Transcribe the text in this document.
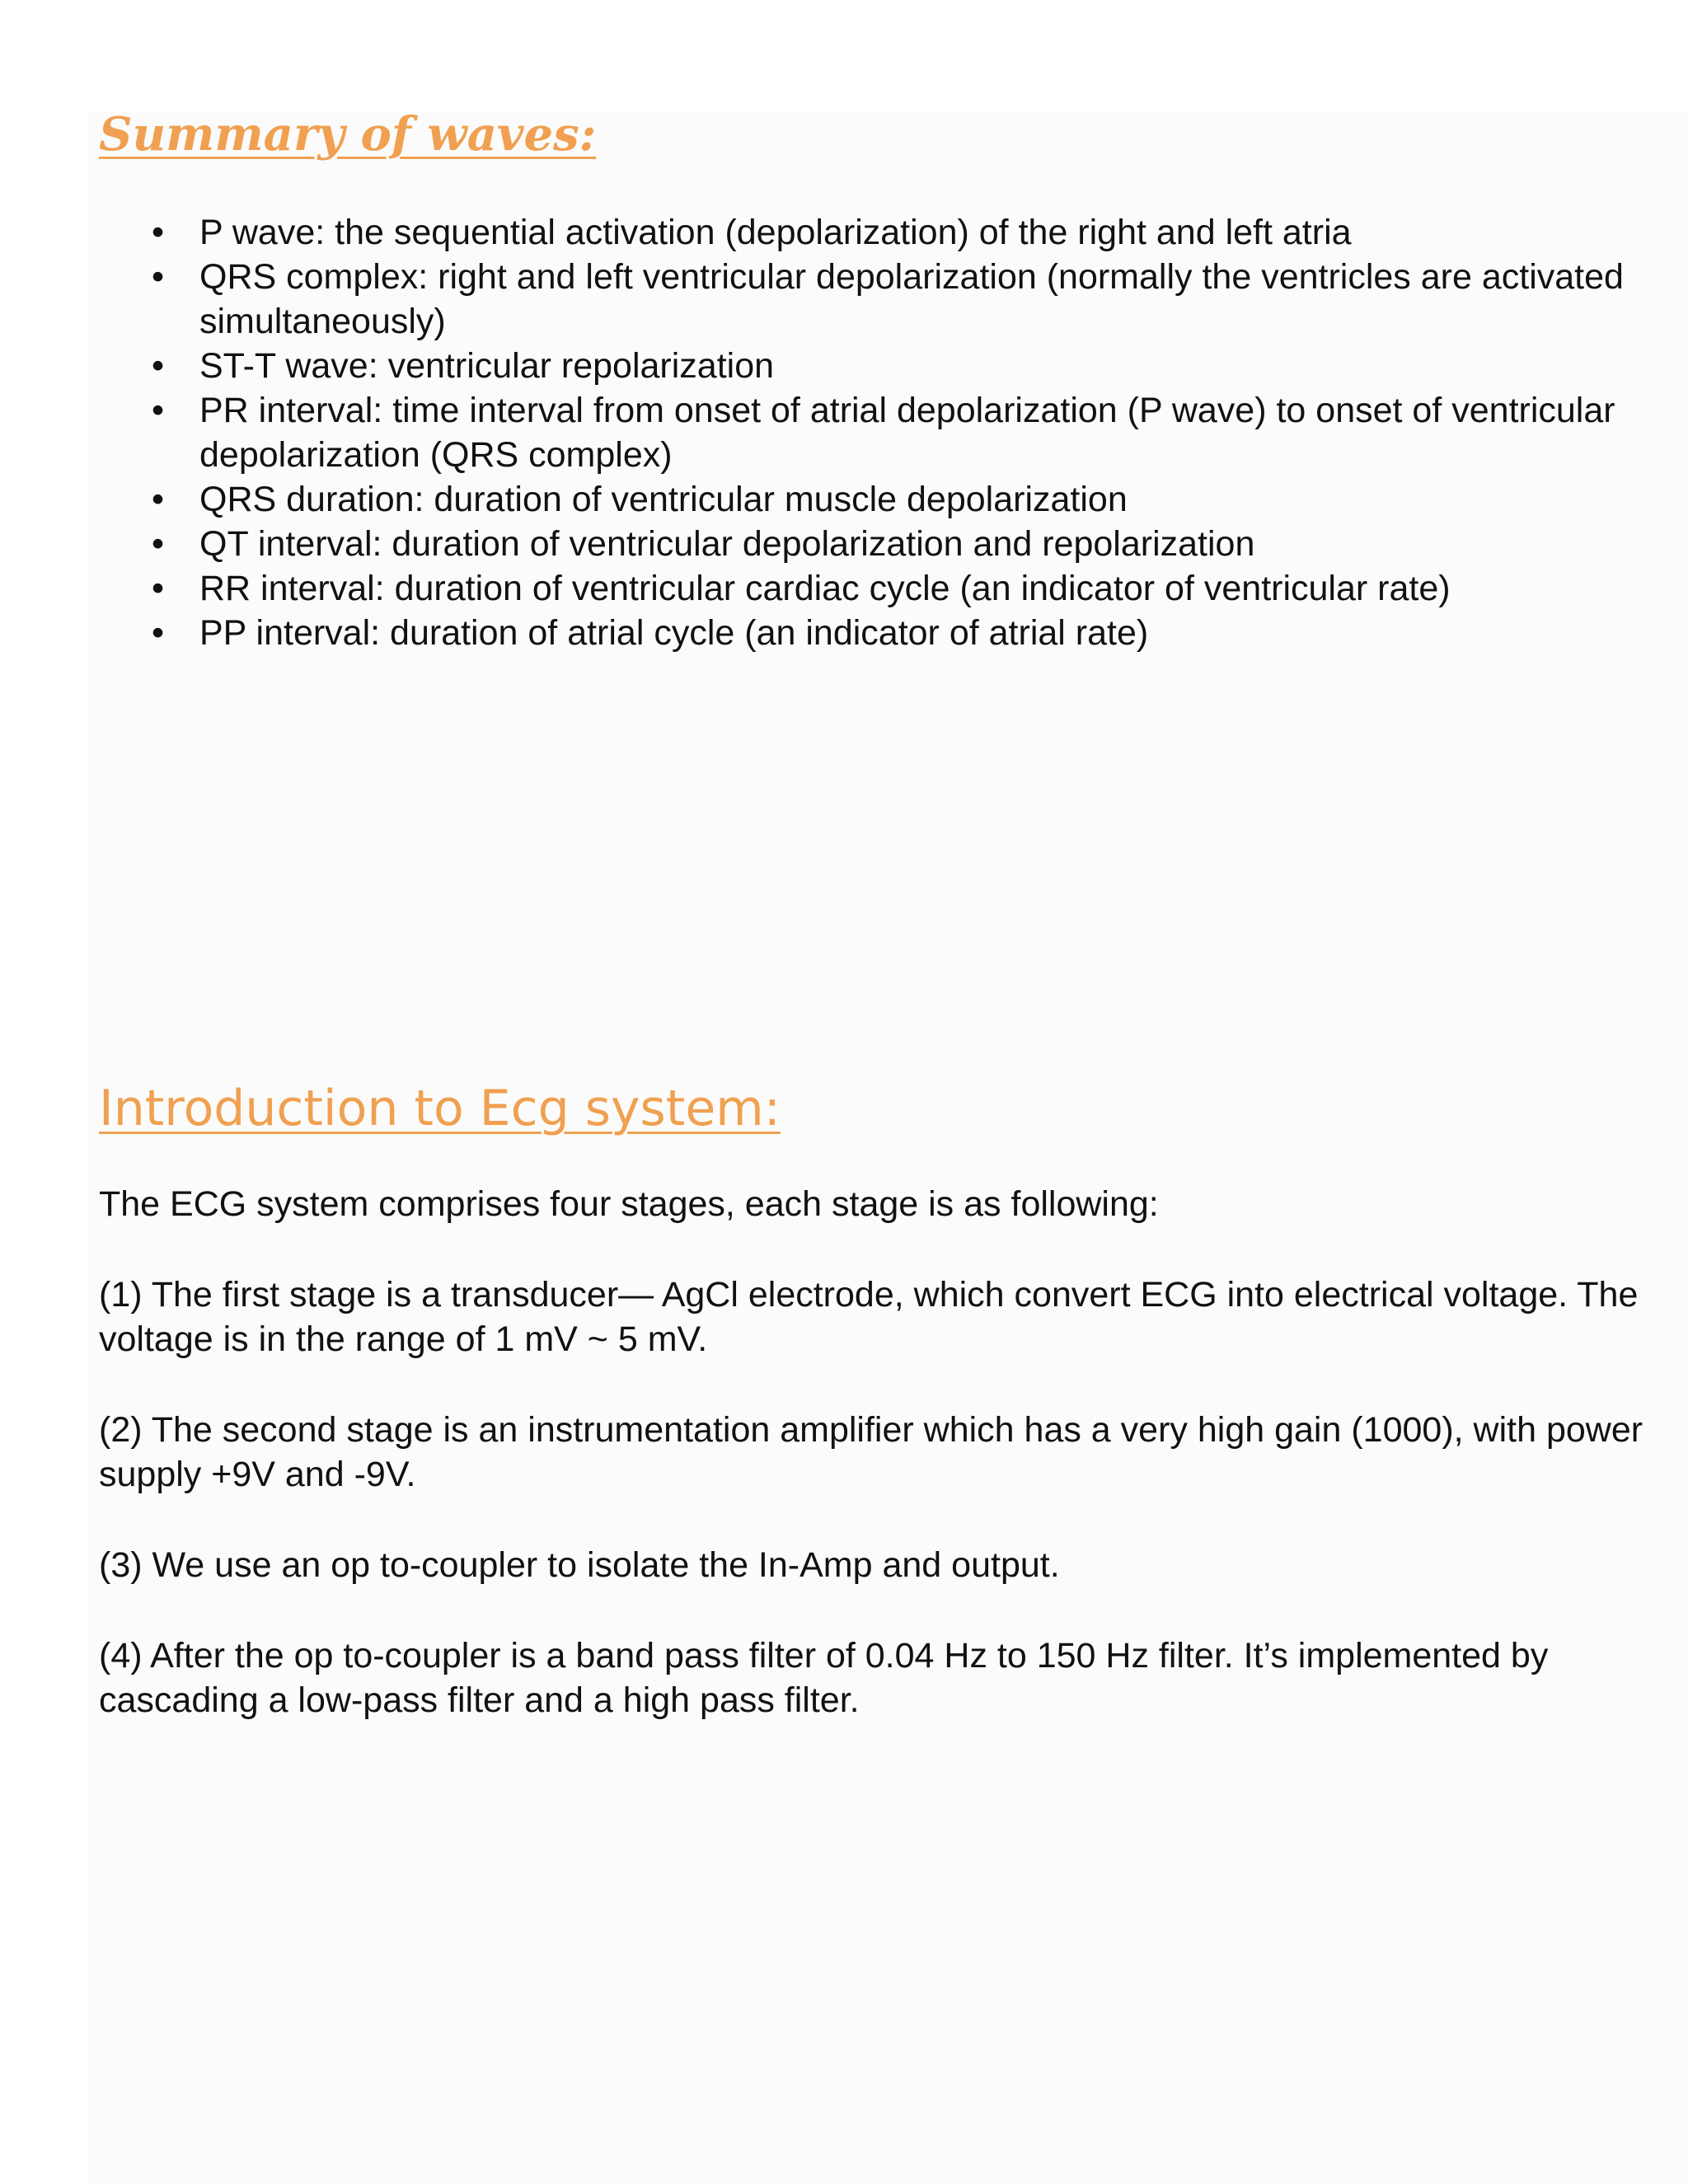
Summary of waves:
• P wave: the sequential activation (depolarization) of the right and left atria
• QRS complex: right and left ventricular depolarization (normally the ventricles are activated simultaneously)
• ST-T wave: ventricular repolarization
• PR interval: time interval from onset of atrial depolarization (P wave) to onset of ventricular depolarization (QRS complex)
• QRS duration: duration of ventricular muscle depolarization
• QT interval: duration of ventricular depolarization and repolarization
• RR interval: duration of ventricular cardiac cycle (an indicator of ventricular rate)
• PP interval: duration of atrial cycle (an indicator of atrial rate)
Introduction to Ecg system:

The ECG system comprises four stages, each stage is as following:

(1) The first stage is a transducer— AgCl electrode, which convert ECG into electrical voltage. The voltage is in the range of 1 mV ~ 5 mV.

(2) The second stage is an instrumentation amplifier which has a very high gain (1000), with power supply +9V and -9V.

(3) We use an op to-coupler to isolate the In-Amp and output.

(4) After the op to-coupler is a band pass filter of 0.04 Hz to 150 Hz filter. It’s implemented by cascading a low-pass filter and a high pass filter.
